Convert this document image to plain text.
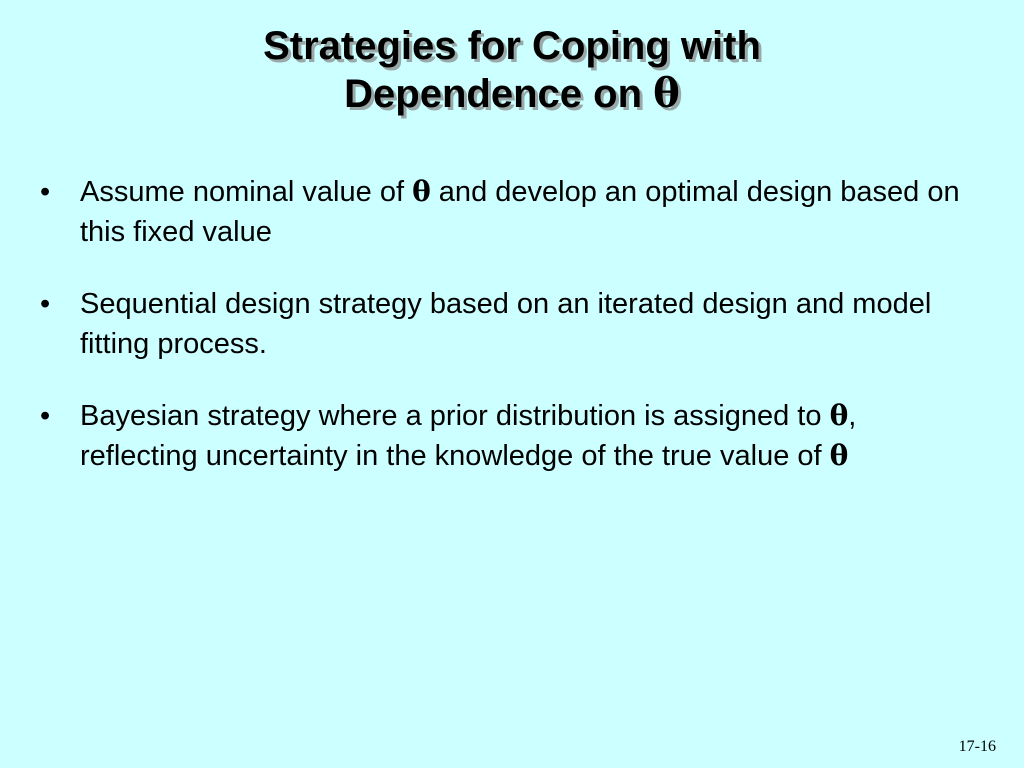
Strategies for Coping with
Dependence on θ
• Assume nominal value of θ and develop an optimal design based on this fixed value
• Sequential design strategy based on an iterated design and model fitting process.
• Bayesian strategy where a prior distribution is assigned to θ, reflecting uncertainty in the knowledge of the true value of θ
17-16
